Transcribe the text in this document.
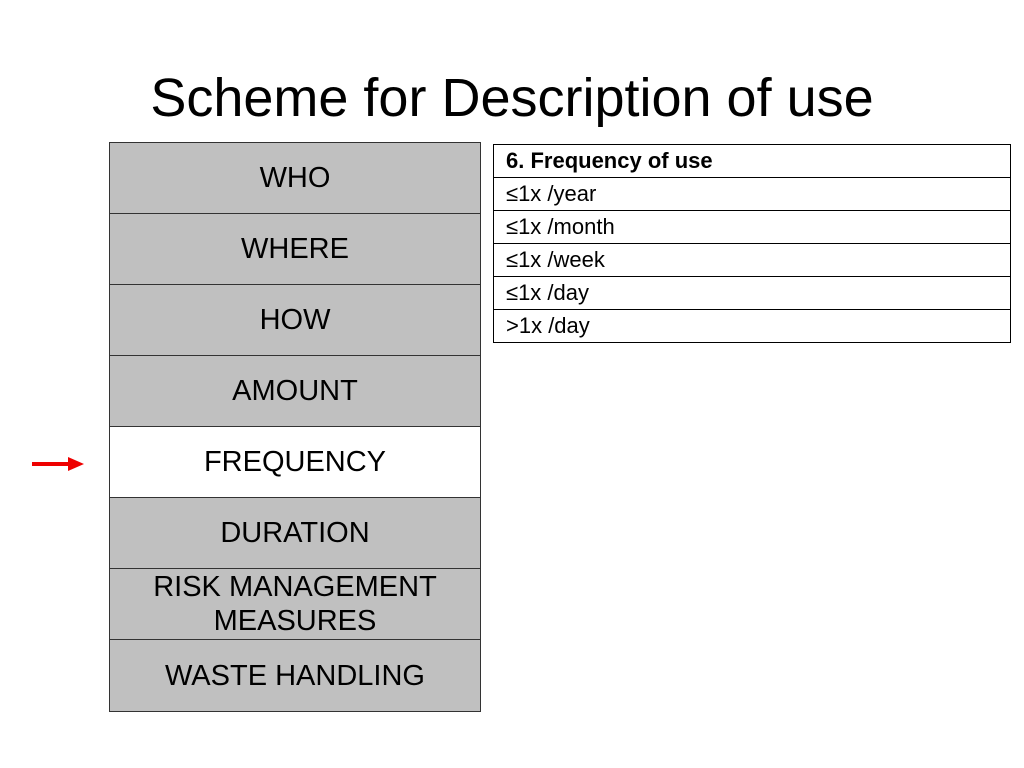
Scheme for Description of use
WHO
WHERE
HOW
AMOUNT
FREQUENCY
DURATION
RISK MANAGEMENT MEASURES
WASTE HANDLING
6. Frequency of use
≤1x /year
≤1x /month
≤1x /week
≤1x /day
>1x /day
